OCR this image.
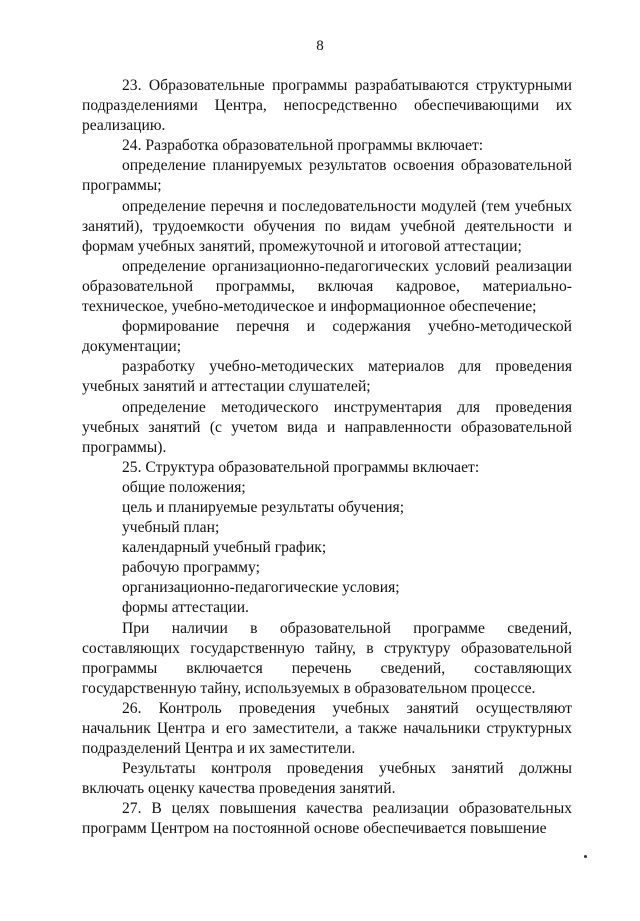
8

23. Образовательные программы разрабатываются структурными подразделениями Центра, непосредственно обеспечивающими их реализацию.

24. Разработка образовательной программы включает:

определение планируемых результатов освоения образовательной программы;

определение перечня и последовательности модулей (тем учебных занятий), трудоемкости обучения по видам учебной деятельности и формам учебных занятий, промежуточной и итоговой аттестации;

определение организационно-педагогических условий реализации образовательной программы, включая кадровое, материально-техническое, учебно-методическое и информационное обеспечение;

формирование перечня и содержания учебно-методической документации;

разработку учебно-методических материалов для проведения учебных занятий и аттестации слушателей;

определение методического инструментария для проведения учебных занятий (с учетом вида и направленности образовательной программы).

25. Структура образовательной программы включает:

общие положения;

цель и планируемые результаты обучения;

учебный план;

календарный учебный график;

рабочую программу;

организационно-педагогические условия;

формы аттестации.

При наличии в образовательной программе сведений, составляющих государственную тайну, в структуру образовательной программы включается перечень сведений, составляющих государственную тайну, используемых в образовательном процессе.

26. Контроль проведения учебных занятий осуществляют начальник Центра и его заместители, а также начальники структурных подразделений Центра и их заместители.

Результаты контроля проведения учебных занятий должны включать оценку качества проведения занятий.

27. В целях повышения качества реализации образовательных программ Центром на постоянной основе обеспечивается повышение
